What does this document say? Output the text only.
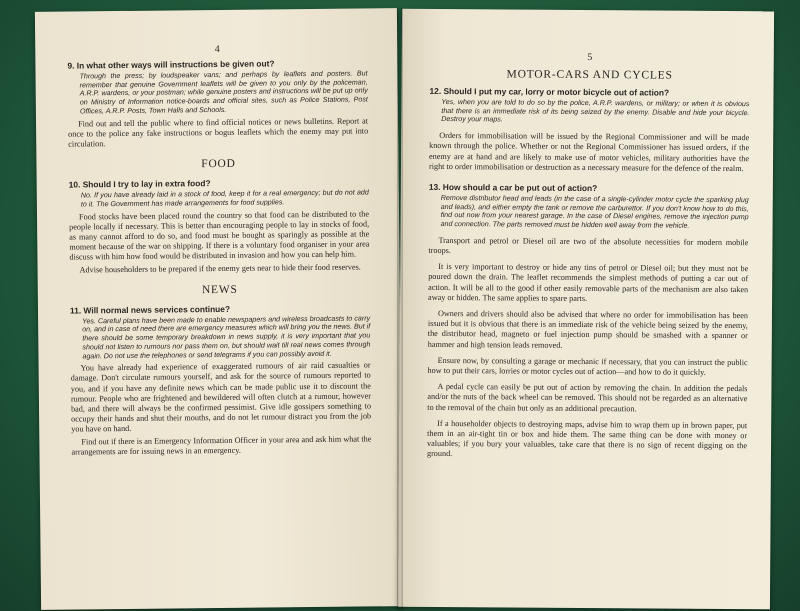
4
9. In what other ways will instructions be given out?
Through the press; by loudspeaker vans; and perhaps by leaflets and posters. But remember that genuine Government leaflets will be given to you only by the policeman, A.R.P. wardens, or your postman; while genuine posters and instructions will be put up only on Ministry of Information notice-boards and official sites, such as Police Stations, Post Offices, A.R.P. Posts, Town Halls and Schools.
Find out and tell the public where to find official notices or news bulletins. Report at once to the police any fake instructions or bogus leaflets which the enemy may put into circulation.
FOOD
10. Should I try to lay in extra food?
No. If you have already laid in a stock of food, keep it for a real emergency; but do not add to it. The Government has made arrangements for food supplies.
Food stocks have been placed round the country so that food can be distributed to the people locally if necessary. This is better than encouraging people to lay in stocks of food, as many cannot afford to do so, and food must be bought as sparingly as possible at the moment because of the war on shipping. If there is a voluntary food organiser in your area discuss with him how food would be distributed in invasion and how you can help him.
Advise householders to be prepared if the enemy gets near to hide their food reserves.
NEWS
11. Will normal news services continue?
Yes. Careful plans have been made to enable newspapers and wireless broadcasts to carry on, and in case of need there are emergency measures which will bring you the news. But if there should be some temporary breakdown in news supply, it is very important that you should not listen to rumours nor pass them on, but should wait till real news comes through again. Do not use the telephones or send telegrams if you can possibly avoid it.
You have already had experience of exaggerated rumours of air raid casualties or damage. Don't circulate rumours yourself, and ask for the source of rumours reported to you, and if you have any definite news which can be made public use it to discount the rumour. People who are frightened and bewildered will often clutch at a rumour, however bad, and there will always be the confirmed pessimist. Give idle gossipers something to occupy their hands and shut their mouths, and do not let rumour distract you from the job you have on hand.
Find out if there is an Emergency Information Officer in your area and ask him what the arrangements are for issuing news in an emergency.
5
MOTOR-CARS AND CYCLES
12. Should I put my car, lorry or motor bicycle out of action?
Yes, when you are told to do so by the police, A.R.P. wardens, or military; or when it is obvious that there is an immediate risk of its being seized by the enemy. Disable and hide your bicycle. Destroy your maps.
Orders for immobilisation will be issued by the Regional Commissioner and will be made known through the police. Whether or not the Regional Commissioner has issued orders, if the enemy are at hand and are likely to make use of motor vehicles, military authorities have the right to order immobilisation or destruction as a necessary measure for the defence of the realm.
13. How should a car be put out of action?
Remove distributor head and leads (in the case of a single-cylinder motor cycle the sparking plug and leads), and either empty the tank or remove the carburettor. If you don't know how to do this, find out now from your nearest garage. In the case of Diesel engines, remove the injection pump and connection. The parts removed must be hidden well away from the vehicle.
Transport and petrol or Diesel oil are two of the absolute necessities for modern mobile troops.
It is very important to destroy or hide any tins of petrol or Diesel oil; but they must not be poured down the drain. The leaflet recommends the simplest methods of putting a car out of action. It will be all to the good if other easily removable parts of the mechanism are also taken away or hidden. The same applies to spare parts.
Owners and drivers should also be advised that where no order for immobilisation has been issued but it is obvious that there is an immediate risk of the vehicle being seized by the enemy, the distributor head, magneto or fuel injection pump should be smashed with a spanner or hammer and high tension leads removed.
Ensure now, by consulting a garage or mechanic if necessary, that you can instruct the public how to put their cars, lorries or motor cycles out of action—and how to do it quickly.
A pedal cycle can easily be put out of action by removing the chain. In addition the pedals and/or the nuts of the back wheel can be removed. This should not be regarded as an alternative to the removal of the chain but only as an additional precaution.
If a householder objects to destroying maps, advise him to wrap them up in brown paper, put them in an air-tight tin or box and hide them. The same thing can be done with money or valuables; if you bury your valuables, take care that there is no sign of recent digging on the ground.
